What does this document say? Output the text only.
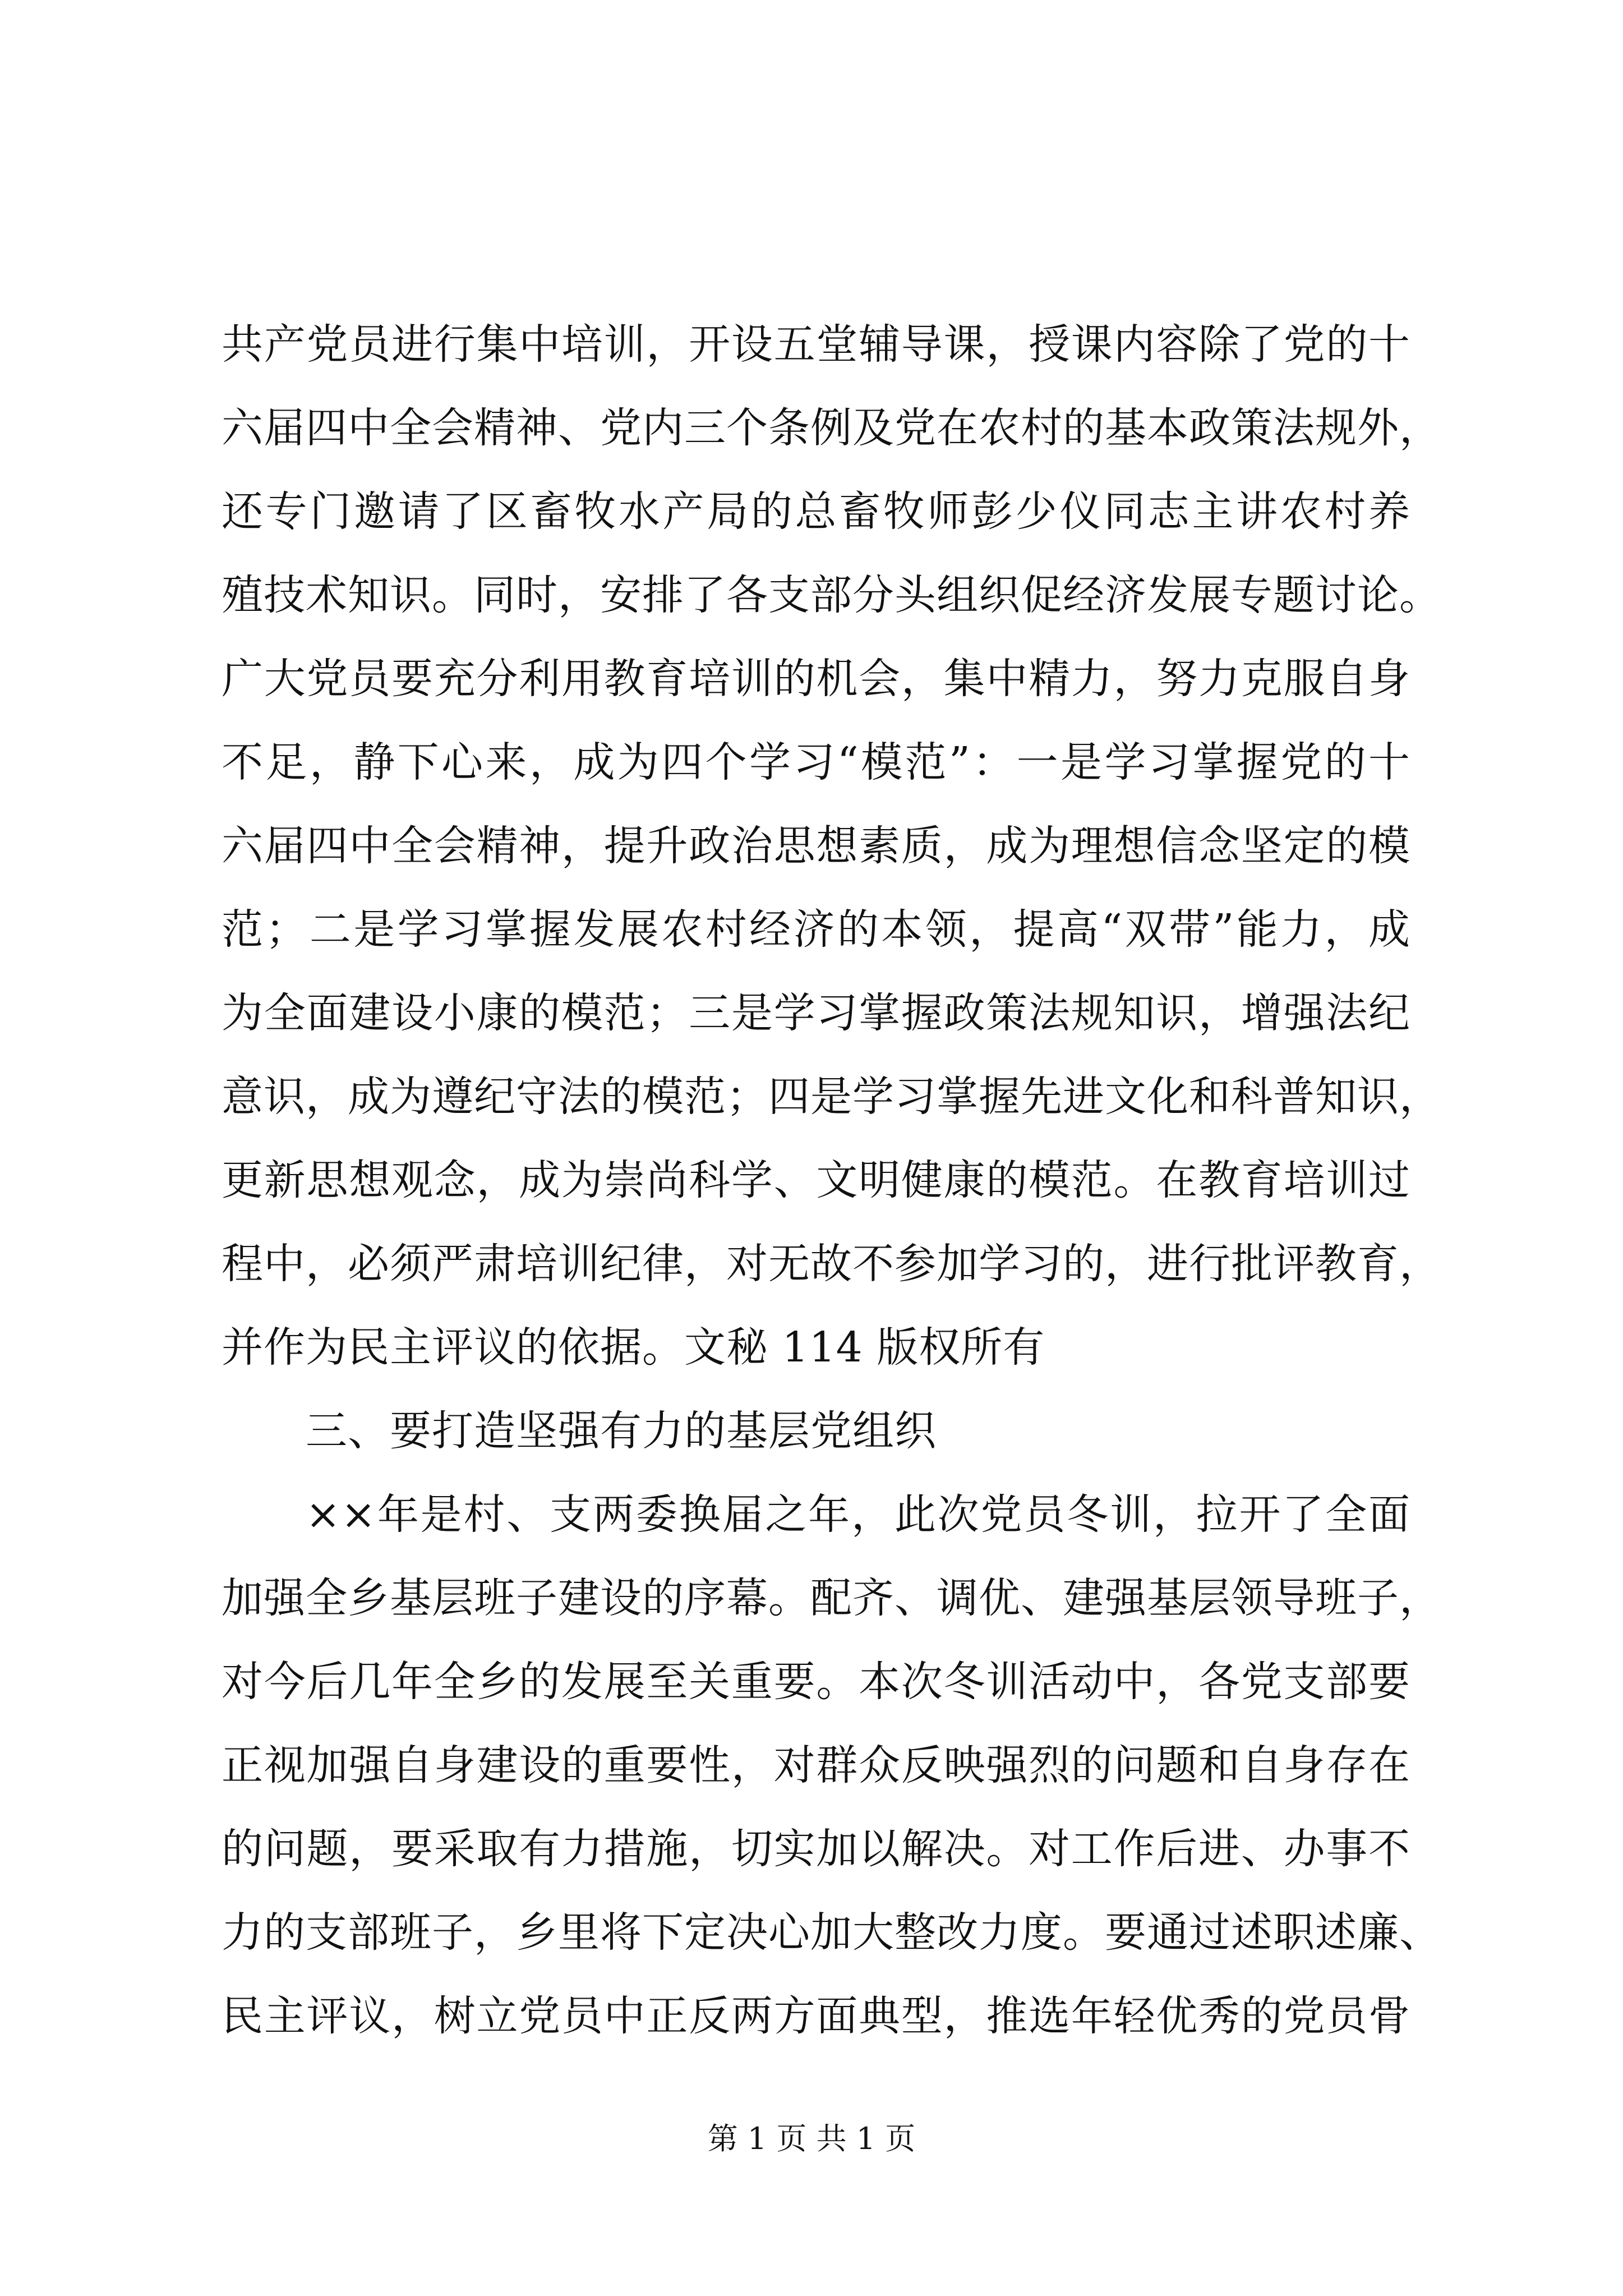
共产党员进行集中培训，开设五堂辅导课，授课内容除了党的十
六届四中全会精神、党内三个条例及党在农村的基本政策法规外，
还专门邀请了区畜牧水产局的总畜牧师彭少仪同志主讲农村养
殖技术知识。同时，安排了各支部分头组织促经济发展专题讨论。
广大党员要充分利用教育培训的机会，集中精力，努力克服自身
不足，静下心来，成为四个学习“模范”：一是学习掌握党的十
六届四中全会精神，提升政治思想素质，成为理想信念坚定的模
范；二是学习掌握发展农村经济的本领，提高“双带”能力，成
为全面建设小康的模范；三是学习掌握政策法规知识，增强法纪
意识，成为遵纪守法的模范；四是学习掌握先进文化和科普知识，
更新思想观念，成为崇尚科学、文明健康的模范。在教育培训过
程中，必须严肃培训纪律，对无故不参加学习的，进行批评教育，
并作为民主评议的依据。文秘 114 版权所有
三、要打造坚强有力的基层党组织
××年是村、支两委换届之年，此次党员冬训，拉开了全面
加强全乡基层班子建设的序幕。配齐、调优、建强基层领导班子，
对今后几年全乡的发展至关重要。本次冬训活动中，各党支部要
正视加强自身建设的重要性，对群众反映强烈的问题和自身存在
的问题，要采取有力措施，切实加以解决。对工作后进、办事不
力的支部班子，乡里将下定决心加大整改力度。要通过述职述廉、
民主评议，树立党员中正反两方面典型，推选年轻优秀的党员骨
第 1 页 共 1 页
